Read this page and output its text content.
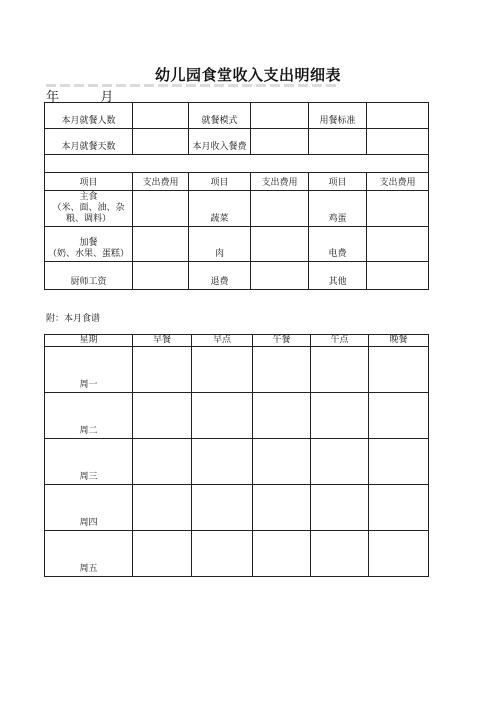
幼儿园食堂收入支出明细表
年          月
本月就餐人数		就餐模式		用餐标准	
本月就餐天数		本月收入餐费			

项目	支出费用	项目	支出费用	项目	支出费用
主食
（米、面、油、杂粮、调料）		蔬菜		鸡蛋	
加餐
（奶、水果、蛋糕）		肉		电费	
厨师工资		退费		其他	
附：本月食谱
星期	早餐	早点	午餐	午点	晚餐
周一					
周二					
周三					
周四					
周五					
